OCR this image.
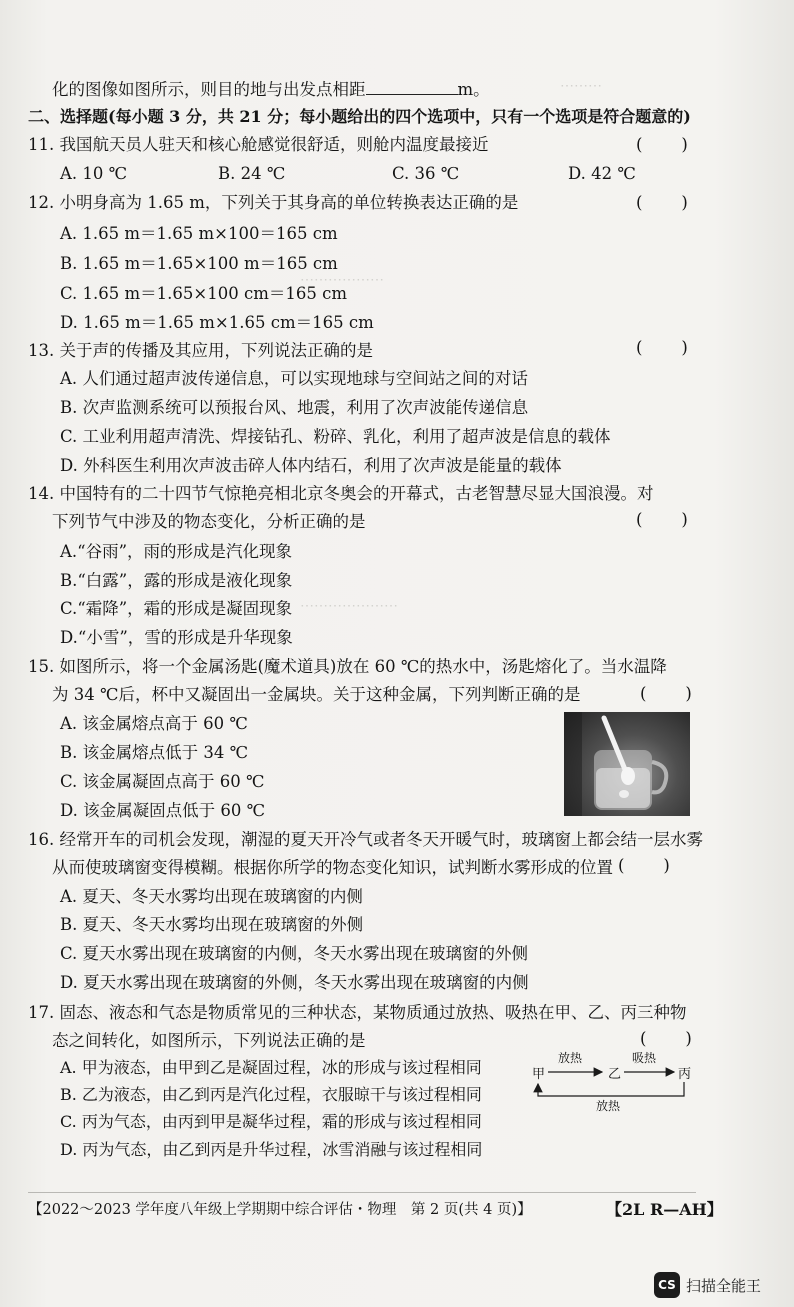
⋯⋯⋯
⋯⋯⋯⋯⋯⋯
⋯⋯⋯⋯⋯⋯⋯
化的图像如图所示，则目的地与出发点相距	m。
二、选择题(每小题 3 分，共 21 分；每小题给出的四个选项中，只有一个选项是符合题意的)
11. 我国航天员人驻天和核心舱感觉很舒适，则舱内温度最接近	(　　)
A. 10 ℃	B. 24 ℃	C. 36 ℃	D. 42 ℃
12. 小明身高为 1.65 m，下列关于其身高的单位转换表达正确的是	(　　)
A. 1.65 m＝1.65 m×100＝165 cm
B. 1.65 m＝1.65×100 m＝165 cm
C. 1.65 m＝1.65×100 cm＝165 cm
D. 1.65 m＝1.65 m×1.65 cm＝165 cm
13. 关于声的传播及其应用，下列说法正确的是	(　　)
A. 人们通过超声波传递信息，可以实现地球与空间站之间的对话
B. 次声监测系统可以预报台风、地震，利用了次声波能传递信息
C. 工业利用超声清洗、焊接钻孔、粉碎、乳化，利用了超声波是信息的载体
D. 外科医生利用次声波击碎人体内结石，利用了次声波是能量的载体
14. 中国特有的二十四节气惊艳亮相北京冬奥会的开幕式，古老智慧尽显大国浪漫。对
下列节气中涉及的物态变化，分析正确的是	(　　)
A.“谷雨”，雨的形成是汽化现象
B.“白露”，露的形成是液化现象
C.“霜降”，霜的形成是凝固现象
D.“小雪”，雪的形成是升华现象
15. 如图所示，将一个金属汤匙(魔术道具)放在 60 ℃的热水中，汤匙熔化了。当水温降
为 34 ℃后，杯中又凝固出一金属块。关于这种金属，下列判断正确的是	(　　)
A. 该金属熔点高于 60 ℃
B. 该金属熔点低于 34 ℃
C. 该金属凝固点高于 60 ℃
D. 该金属凝固点低于 60 ℃
16. 经常开车的司机会发现，潮湿的夏天开冷气或者冬天开暖气时，玻璃窗上都会结一层水雾
从而使玻璃窗变得模糊。根据你所学的物态变化知识，试判断水雾形成的位置 (　　)
A. 夏天、冬天水雾均出现在玻璃窗的内侧
B. 夏天、冬天水雾均出现在玻璃窗的外侧
C. 夏天水雾出现在玻璃窗的内侧，冬天水雾出现在玻璃窗的外侧
D. 夏天水雾出现在玻璃窗的外侧，冬天水雾出现在玻璃窗的内侧
17. 固态、液态和气态是物质常见的三种状态，某物质通过放热、吸热在甲、乙、丙三种物
态之间转化，如图所示，下列说法正确的是	(　　)
A. 甲为液态，由甲到乙是凝固过程，冰的形成与该过程相同
B. 乙为液态，由乙到丙是汽化过程，衣服晾干与该过程相同
C. 丙为气态，由丙到甲是凝华过程，霜的形成与该过程相同
D. 丙为气态，由乙到丙是升华过程，冰雪消融与该过程相同
甲	乙	丙
放热	吸热
放热
【2022～2023 学年度八年级上学期期中综合评估・物理　第 2 页(共 4 页)】	【2L R—AH】
CS 扫描全能王
